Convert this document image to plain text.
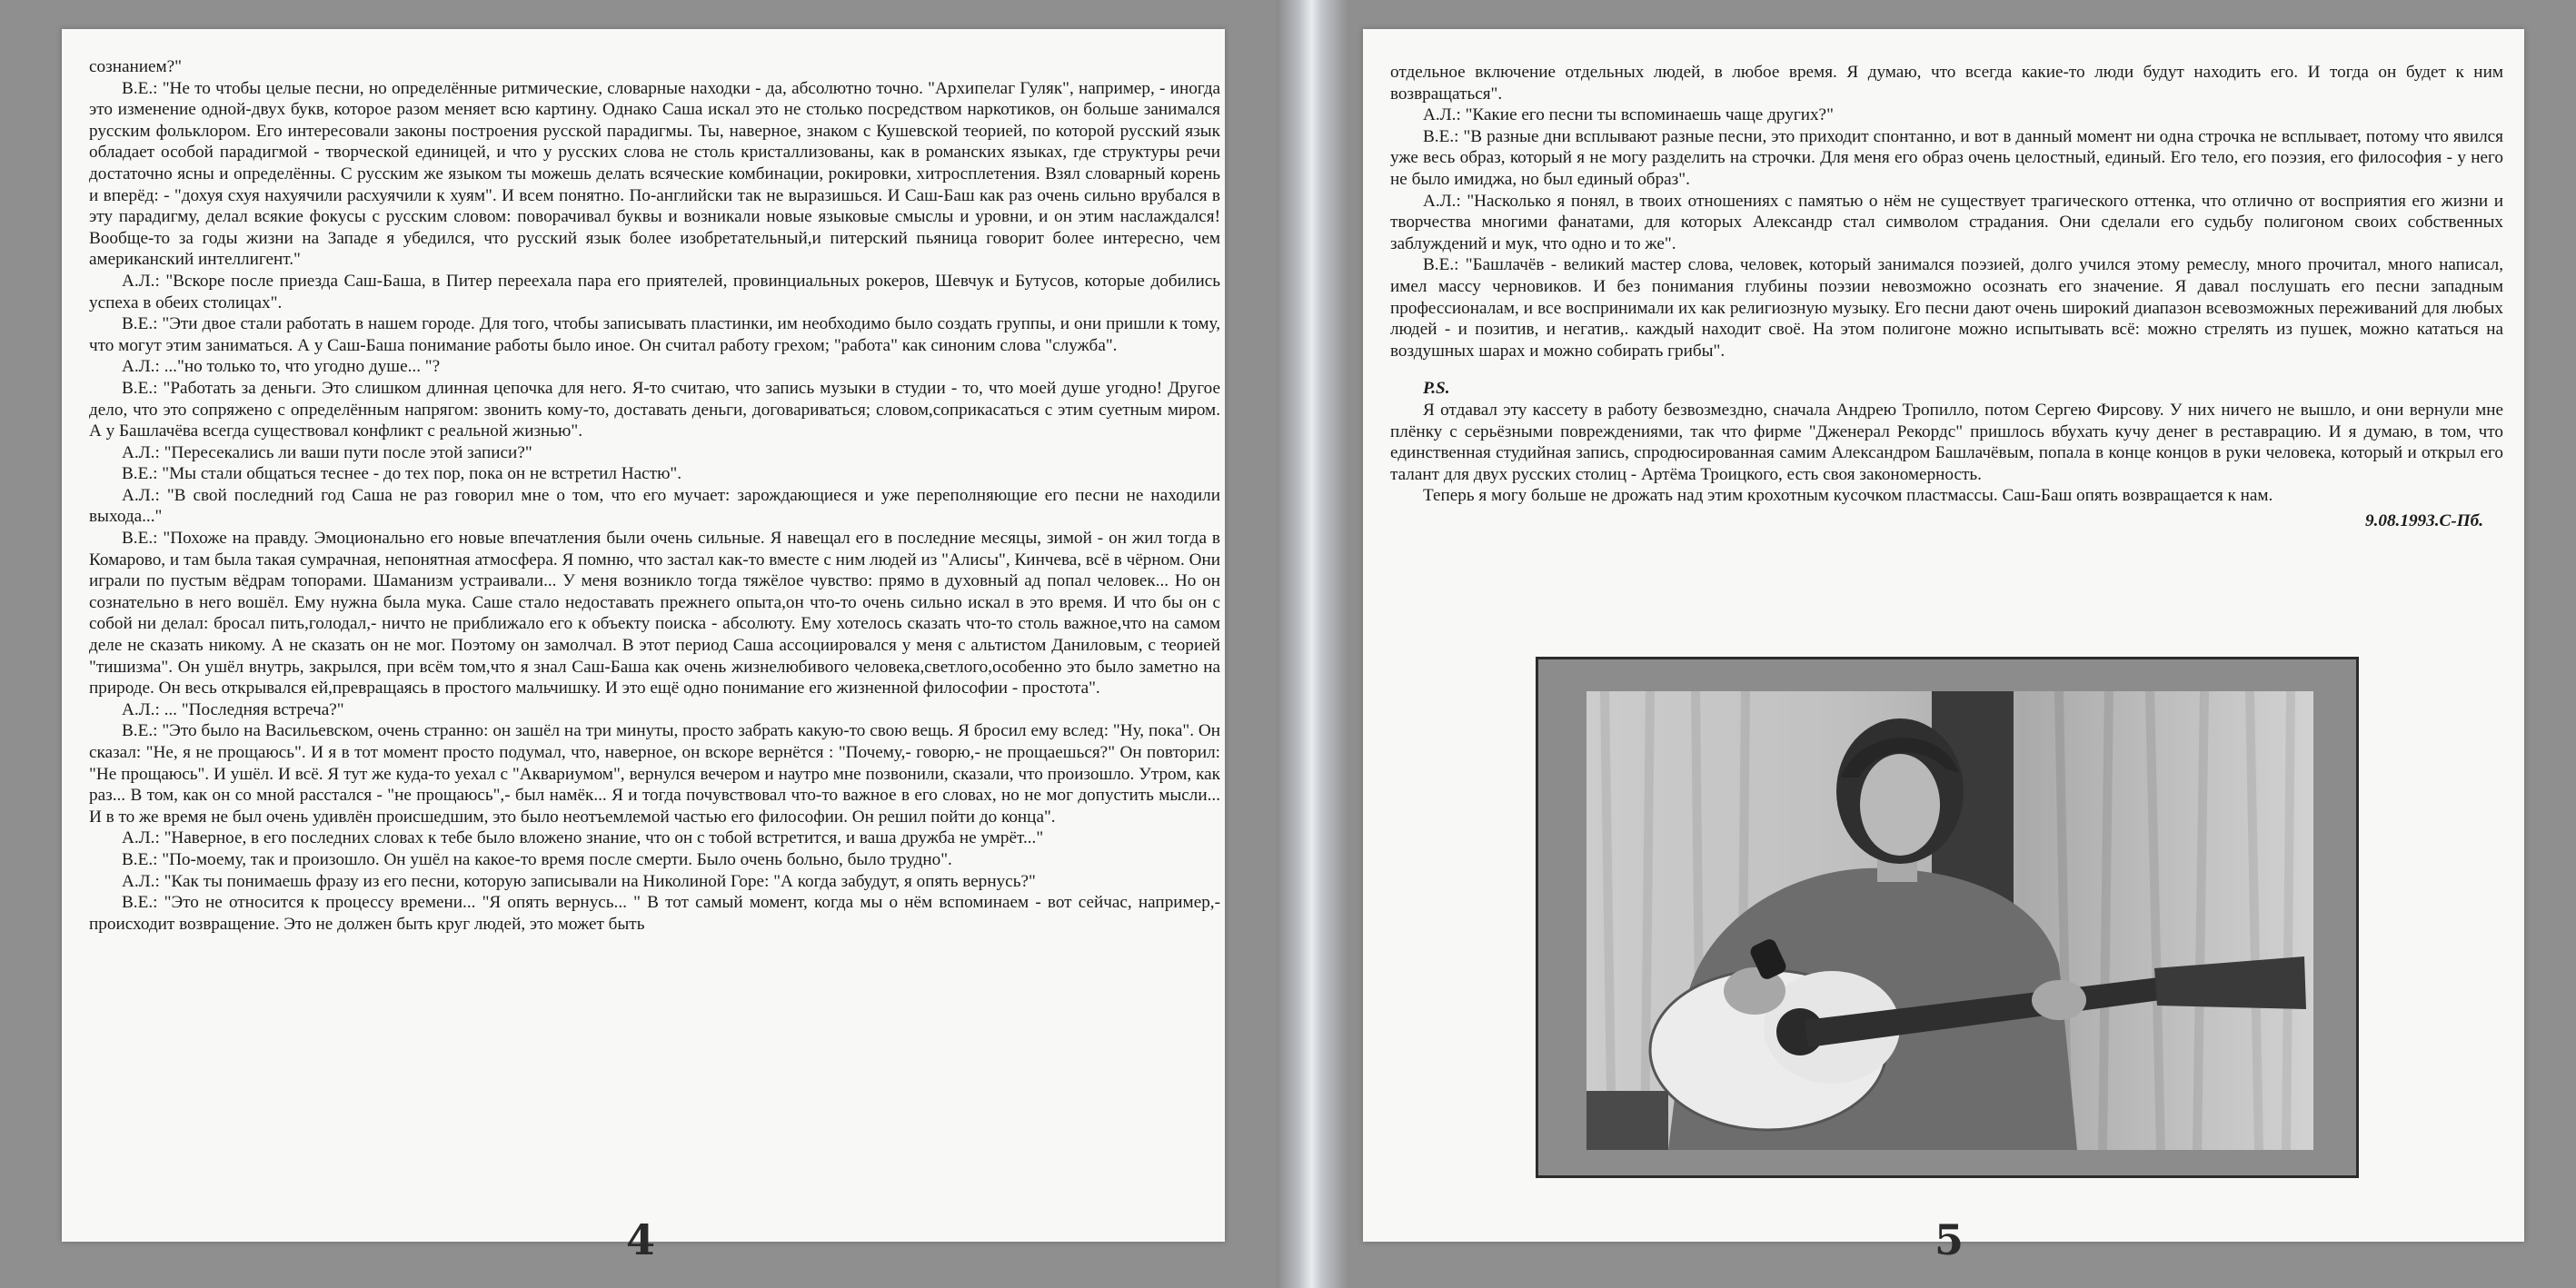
сознанием?"

В.Е.: "Не то чтобы целые песни, но определённые ритмические, словарные находки - да, абсолютно точно. "Архипелаг Гуляк", например, - иногда это изменение одной-двух букв, которое разом меняет всю картину. Однако Саша искал это не столько посредством наркотиков, он больше занимался русским фольклором. Его интересовали законы построения русской парадигмы. Ты, наверное, знаком с Кушевской теорией, по которой русский язык обладает особой парадигмой - творческой единицей, и что у русских слова не столь кристаллизованы, как в романских языках, где структуры речи достаточно ясны и определённы. С русским же языком ты можешь делать всяческие комбинации, рокировки, хитросплетения. Взял словарный корень и вперёд: - "дохуя схуя нахуячили расхуячили к хуям". И всем понятно. По-английски так не выразишься. И Саш-Баш как раз очень сильно врубался в эту парадигму, делал всякие фокусы с русским словом: поворачивал буквы и возникали новые языковые смыслы и уровни, и он этим наслаждался! Вообще-то за годы жизни на Западе я убедился, что русский язык более изобретательный,и питерский пьяница говорит более интересно, чем американский интеллигент."

А.Л.: "Вскоре после приезда Саш-Баша, в Питер переехала пара его приятелей, провинциальных рокеров, Шевчук и Бутусов, которые добились успеха в обеих столицах".

В.Е.: "Эти двое стали работать в нашем городе. Для того, чтобы записывать пластинки, им необходимо было создать группы, и они пришли к тому, что могут этим заниматься. А у Саш-Баша понимание работы было иное. Он считал работу грехом; "работа" как синоним слова "служба".

А.Л.: ..."но только то, что угодно душе... "?

В.Е.: "Работать за деньги. Это слишком длинная цепочка для него. Я-то считаю, что запись музыки в студии - то, что моей душе угодно! Другое дело, что это сопряжено с определённым напрягом: звонить кому-то, доставать деньги, договариваться; словом,соприкасаться с этим суетным миром. А у Башлачёва всегда существовал конфликт с реальной жизнью".

А.Л.: "Пересекались ли ваши пути после этой записи?"

В.Е.: "Мы стали общаться теснее - до тех пор, пока он не встретил Настю".

А.Л.: "В свой последний год Саша не раз говорил мне о том, что его мучает: зарождающиеся и уже переполняющие его песни не находили выхода..."

В.Е.: "Похоже на правду. Эмоционально его новые впечатления были очень сильные. Я навещал его в последние месяцы, зимой - он жил тогда в Комарово, и там была такая сумрачная, непонятная атмосфера. Я помню, что застал как-то вместе с ним людей из "Алисы", Кинчева, всё в чёрном. Они играли по пустым вёдрам топорами. Шаманизм устраивали... У меня возникло тогда тяжёлое чувство: прямо в духовный ад попал человек... Но он сознательно в него вошёл. Ему нужна была мука. Саше стало недоставать прежнего опыта,он что-то очень сильно искал в это время. И что бы он с собой ни делал: бросал пить,голодал,- ничто не приближало его к объекту поиска - абсолюту. Ему хотелось сказать что-то столь важное,что на самом деле не сказать никому. А не сказать он не мог. Поэтому он замолчал. В этот период Саша ассоциировался у меня с альтистом Даниловым, с теорией "тишизма". Он ушёл внутрь, закрылся, при всём том,что я знал Саш-Баша как очень жизнелюбивого человека,светлого,особенно это было заметно на природе. Он весь открывался ей,превращаясь в простого мальчишку. И это ещё одно понимание его жизненной философии - простота".

А.Л.: ... "Последняя встреча?"

В.Е.: "Это было на Васильевском, очень странно: он зашёл на три минуты, просто забрать какую-то свою вещь. Я бросил ему вслед: "Ну, пока". Он сказал: "Не, я не прощаюсь". И я в тот момент просто подумал, что, наверное, он вскоре вернётся : "Почему,- говорю,- не прощаешься?" Он повторил: "Не прощаюсь". И ушёл. И всё. Я тут же куда-то уехал с "Аквариумом", вернулся вечером и наутро мне позвонили, сказали, что произошло. Утром, как раз... В том, как он со мной расстался - "не прощаюсь",- был намёк... Я и тогда почувствовал что-то важное в его словах, но не мог допустить мысли... И в то же время не был очень удивлён происшедшим, это было неотъемлемой частью его философии. Он решил пойти до конца".

А.Л.: "Наверное, в его последних словах к тебе было вложено знание, что он с тобой встретится, и ваша дружба не умрёт..."

В.Е.: "По-моему, так и произошло. Он ушёл на какое-то время после смерти. Было очень больно, было трудно".

А.Л.: "Как ты понимаешь фразу из его песни, которую записывали на Николиной Горе: "А когда забудут, я опять вернусь?"

В.Е.: "Это не относится к процессу времени... "Я опять вернусь... " В тот самый момент, когда мы о нём вспоминаем - вот сейчас, например,- происходит возвращение. Это не должен быть круг людей, это может быть

4

отдельное включение отдельных людей, в любое время. Я думаю, что всегда какие-то люди будут находить его. И тогда он будет к ним возвращаться".

А.Л.: "Какие его песни ты вспоминаешь чаще других?"

В.Е.: "В разные дни всплывают разные песни, это приходит спонтанно, и вот в данный момент ни одна строчка не всплывает, потому что явился уже весь образ, который я не могу разделить на строчки. Для меня его образ очень целостный, единый. Его тело, его поэзия, его философия - у него не было имиджа, но был единый образ".

А.Л.: "Насколько я понял, в твоих отношениях с памятью о нём не существует трагического оттенка, что отлично от восприятия его жизни и творчества многими фанатами, для которых Александр стал символом страдания. Они сделали его судьбу полигоном своих собственных заблуждений и мук, что одно и то же".

В.Е.: "Башлачёв - великий мастер слова, человек, который занимался поэзией, долго учился этому ремеслу, много прочитал, много написал, имел массу черновиков. И без понимания глубины поэзии невозможно осознать его значение. Я давал послушать его песни западным профессионалам, и все воспринимали их как религиозную музыку. Его песни дают очень широкий диапазон всевозможных переживаний для любых людей - и позитив, и негатив,. каждый находит своё. На этом полигоне можно испытывать всё: можно стрелять из пушек, можно кататься на воздушных шарах и можно собирать грибы".

P.S.

Я отдавал эту кассету в работу безвозмездно, сначала Андрею Тропилло, потом Сергею Фирсову. У них ничего не вышло, и они вернули мне плёнку с серьёзными повреждениями, так что фирме "Дженерал Рекордс" пришлось вбухать кучу денег в реставрацию. И я думаю, в том, что единственная студийная запись, спродюсированная самим Александром Башлачёвым, попала в конце концов в руки человека, который и открыл его талант для двух русских столиц - Артёма Троицкого, есть своя закономерность.

Теперь я могу больше не дрожать над этим крохотным кусочком пластмассы. Саш-Баш опять возвращается к нам.

9.08.1993.С-Пб.

5
